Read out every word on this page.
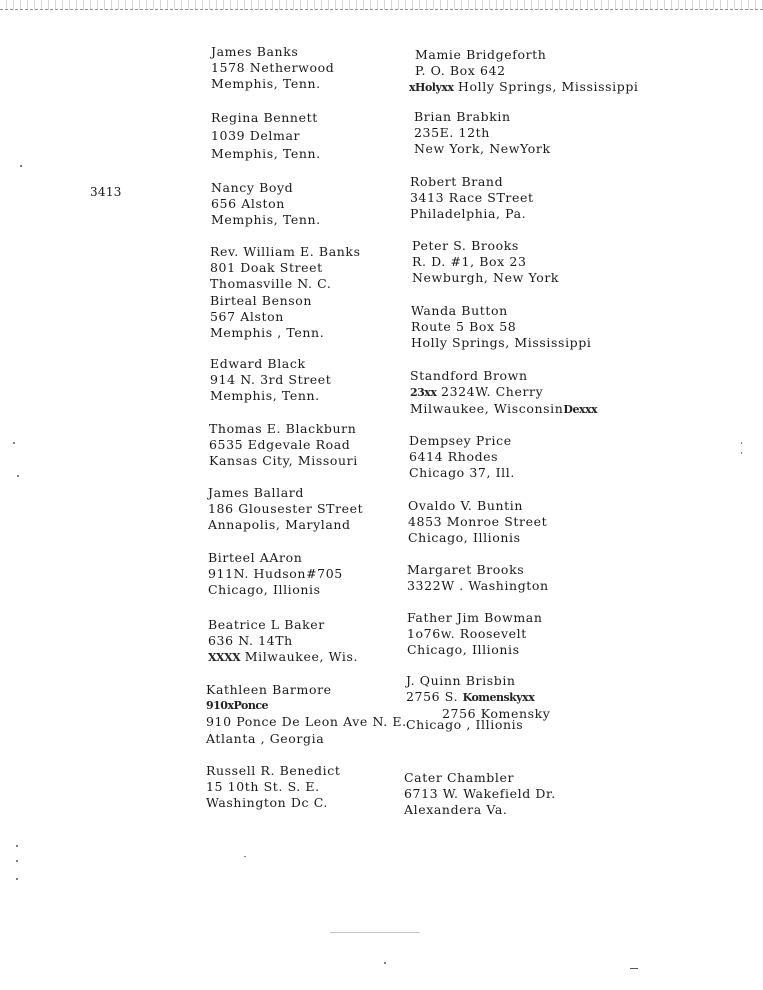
3413
James Banks
1578 Netherwood
Memphis, Tenn.
Regina Bennett
1039 Delmar
Memphis, Tenn.
Nancy Boyd
656 Alston
Memphis, Tenn.
Rev. William E. Banks
801 Doak Street
Thomasville N. C.
Birteal Benson
567 Alston
Memphis , Tenn.
Edward Black
914 N. 3rd Street
Memphis, Tenn.
Thomas E. Blackburn
6535 Edgevale Road
Kansas City, Missouri
James Ballard
186 Glousester STreet
Annapolis, Maryland
Birteel AAron
911N. Hudson#705
Chicago, Illionis
Beatrice L Baker
636 N. 14Th
XXXX Milwaukee, Wis.
Kathleen Barmore
910xPonce
910 Ponce De Leon Ave N. E.
Atlanta , Georgia
Russell R. Benedict
15 10th St. S. E.
Washington Dc C.
Mamie Bridgeforth
P. O. Box 642
xHolyxx Holly Springs, Mississippi
Brian Brabkin
235E. 12th
New York, NewYork
Robert Brand
3413 Race STreet
Philadelphia, Pa.
Peter S. Brooks
R. D. #1, Box 23
Newburgh, New York
Wanda Button
Route 5 Box 58
Holly Springs, Mississippi
Standford Brown
23xx 2324W. Cherry
Milwaukee, WisconsinDexxx
Dempsey Price
6414 Rhodes
Chicago 37, Ill.
Ovaldo V. Buntin
4853 Monroe Street
Chicago, Illionis
Margaret Brooks
3322W . Washington
Father Jim Bowman
1o76w. Roosevelt
Chicago, Illionis
J. Quinn Brisbin
2756 S. Komenskyxx
2756 Komensky
Chicago , Illionis
Cater Chambler
6713 W. Wakefield Dr.
Alexandera Va.
